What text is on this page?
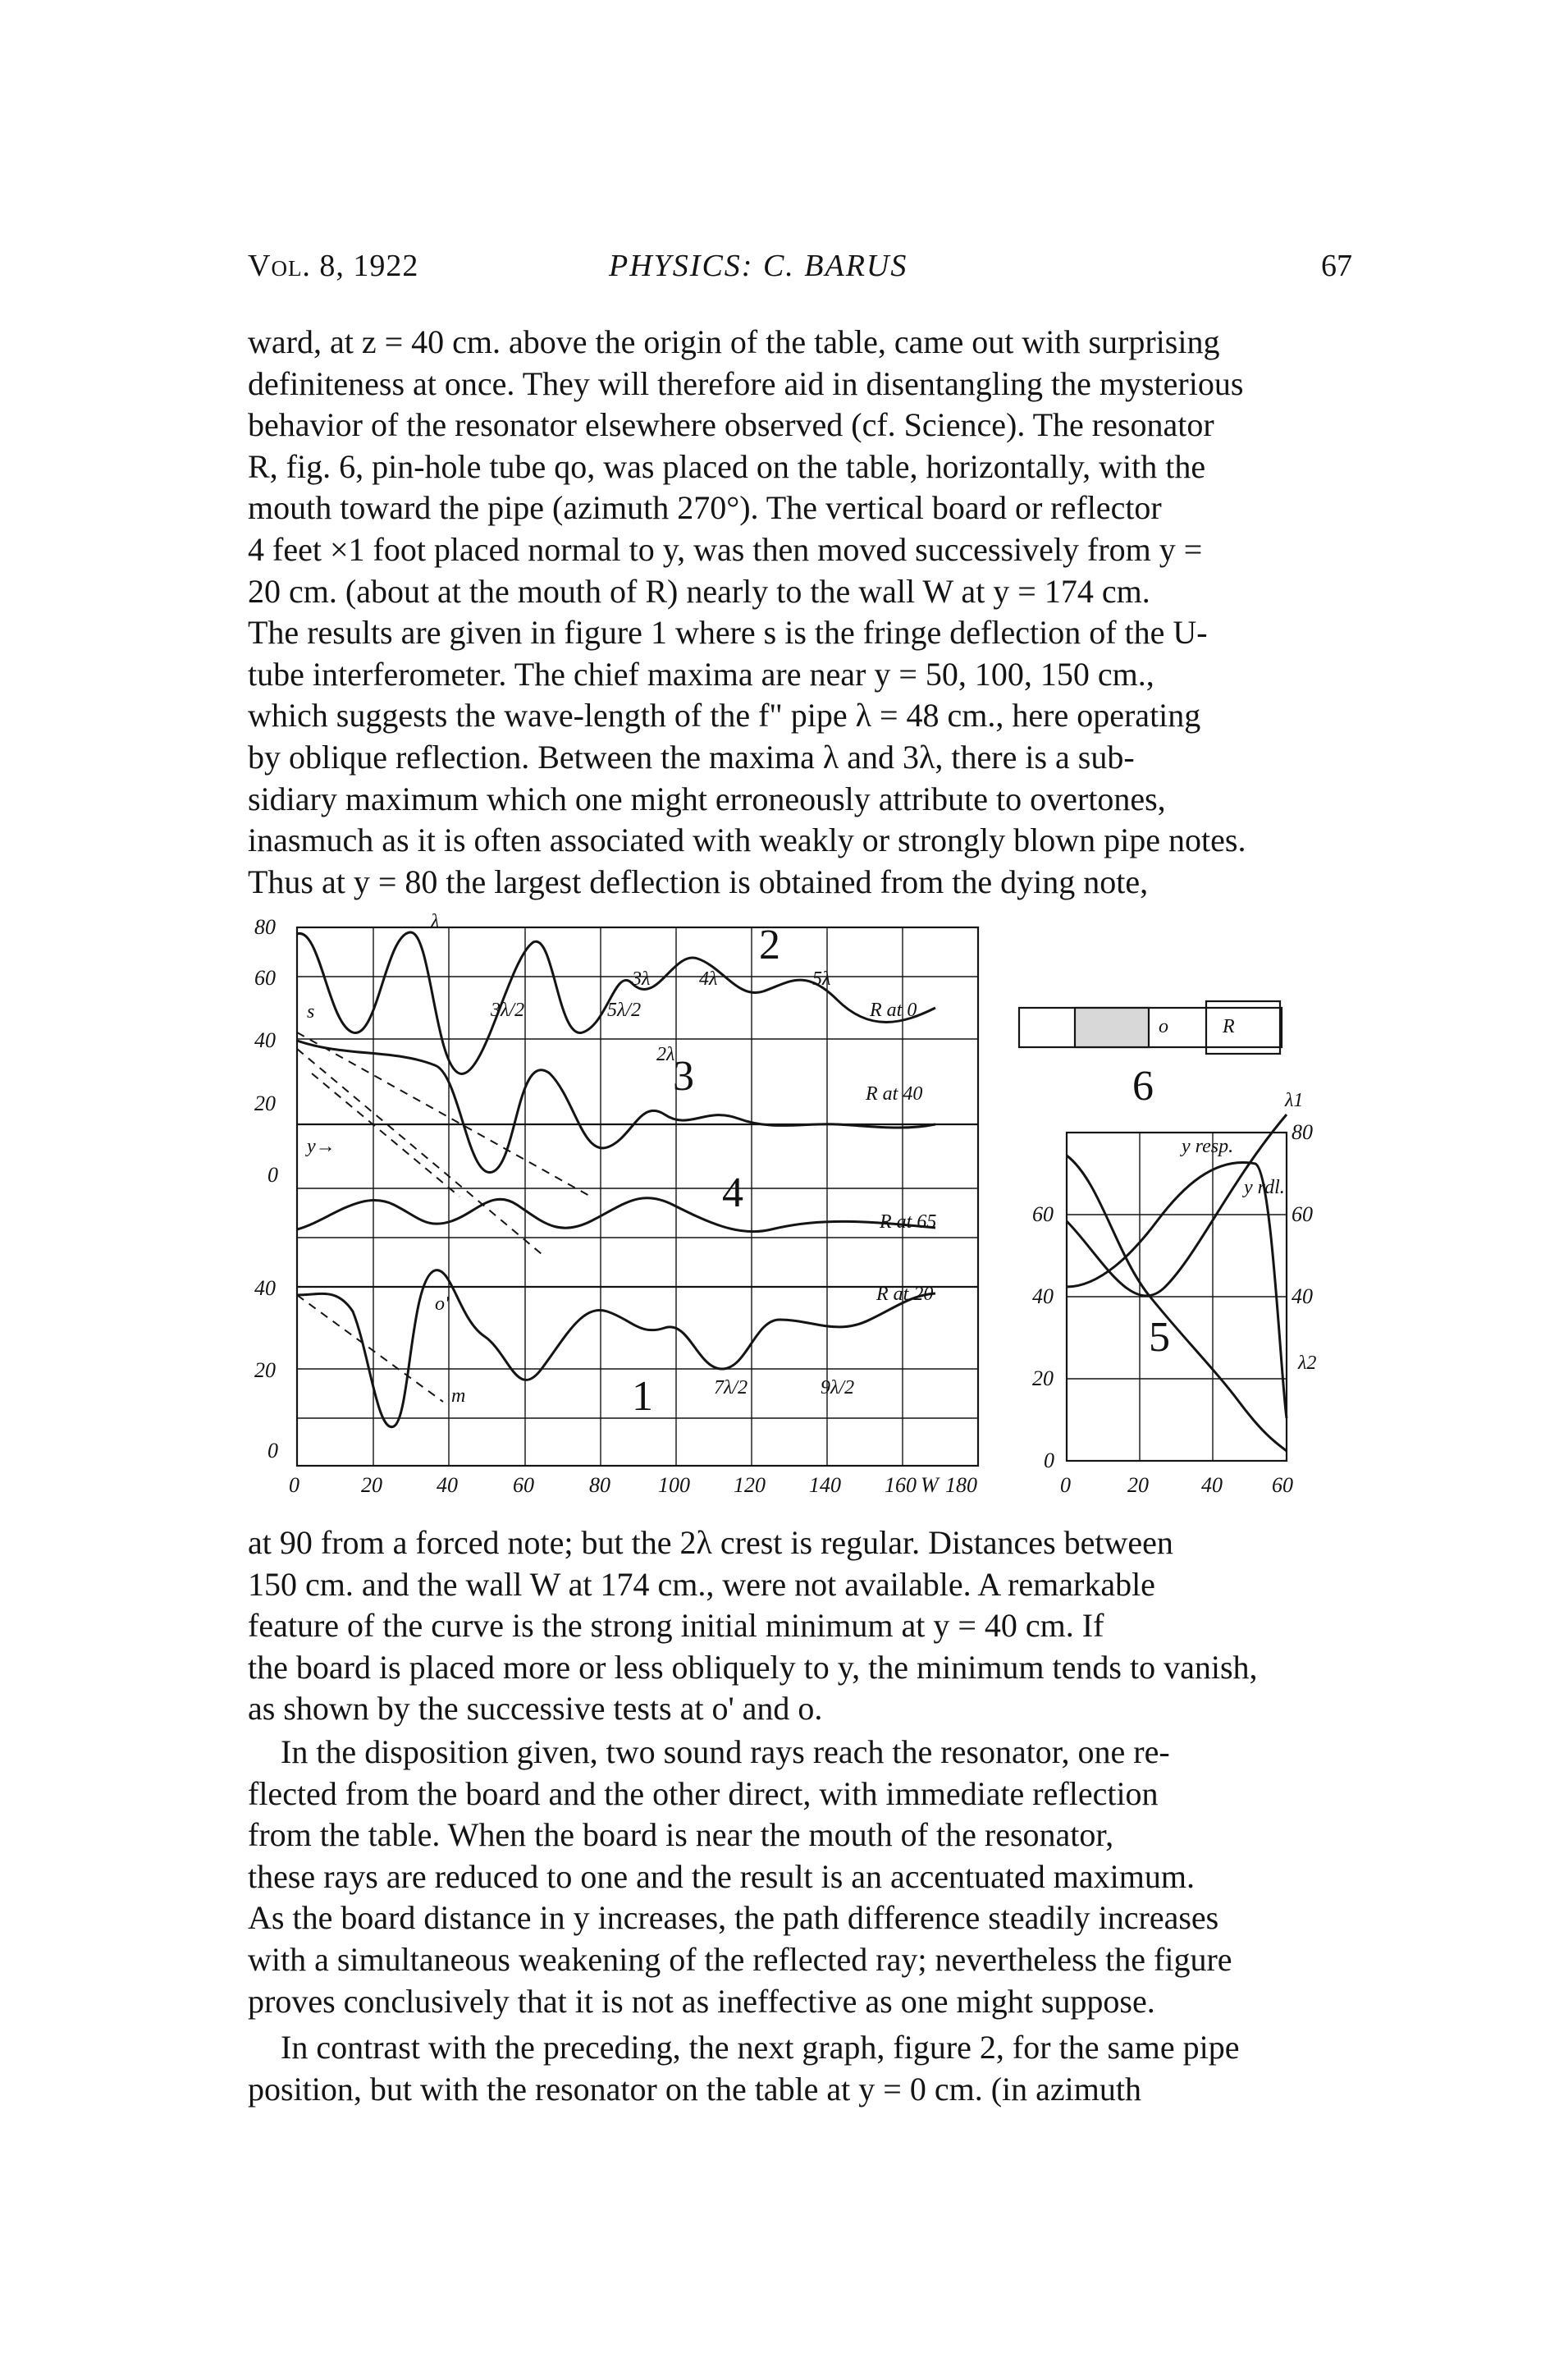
Vol. 8, 1922	PHYSICS: C. BARUS	67
ward, at z = 40 cm. above the origin of the table, came out with surprising
definiteness at once. They will therefore aid in disentangling the mysterious
behavior of the resonator elsewhere observed (cf. Science). The resonator
R, fig. 6, pin-hole tube qo, was placed on the table, horizontally, with the
mouth toward the pipe (azimuth 270°). The vertical board or reflector
4 feet ×1 foot placed normal to y, was then moved successively from y =
20 cm. (about at the mouth of R) nearly to the wall W at y = 174 cm.
The results are given in figure 1 where s is the fringe deflection of the U-
tube interferometer. The chief maxima are near y = 50, 100, 150 cm.,
which suggests the wave-length of the f" pipe λ = 48 cm., here operating
by oblique reflection. Between the maxima λ and 3λ, there is a sub-
sidiary maximum which one might erroneously attribute to overtones,
inasmuch as it is often associated with weakly or strongly blown pipe notes.
Thus at y = 80 the largest deflection is obtained from the dying note,
80
60
40
20
0
40
20
0
0	20	40	60	80 100 120 140 160 180
W
1
2
3
4
5
6
λ
2λ
3λ 4λ	5λ
3λ/2	5λ/2
7λ/2	9λ/2
R at 0
R at 40
R at 65
R at 20
s
y→
m
o'
0	20 40 60
60
40
20
0
80
60
40
R
o
y resp.
y rdl.
λ1
λ2
at 90 from a forced note; but the 2λ crest is regular. Distances between
150 cm. and the wall W at 174 cm., were not available. A remarkable
feature of the curve is the strong initial minimum at y = 40 cm. If
the board is placed more or less obliquely to y, the minimum tends to vanish,
as shown by the successive tests at o' and o.
In the disposition given, two sound rays reach the resonator, one re-
flected from the board and the other direct, with immediate reflection
from the table. When the board is near the mouth of the resonator,
these rays are reduced to one and the result is an accentuated maximum.
As the board distance in y increases, the path difference steadily increases
with a simultaneous weakening of the reflected ray; nevertheless the figure
proves conclusively that it is not as ineffective as one might suppose.
In contrast with the preceding, the next graph, figure 2, for the same pipe
position, but with the resonator on the table at y = 0 cm. (in azimuth
